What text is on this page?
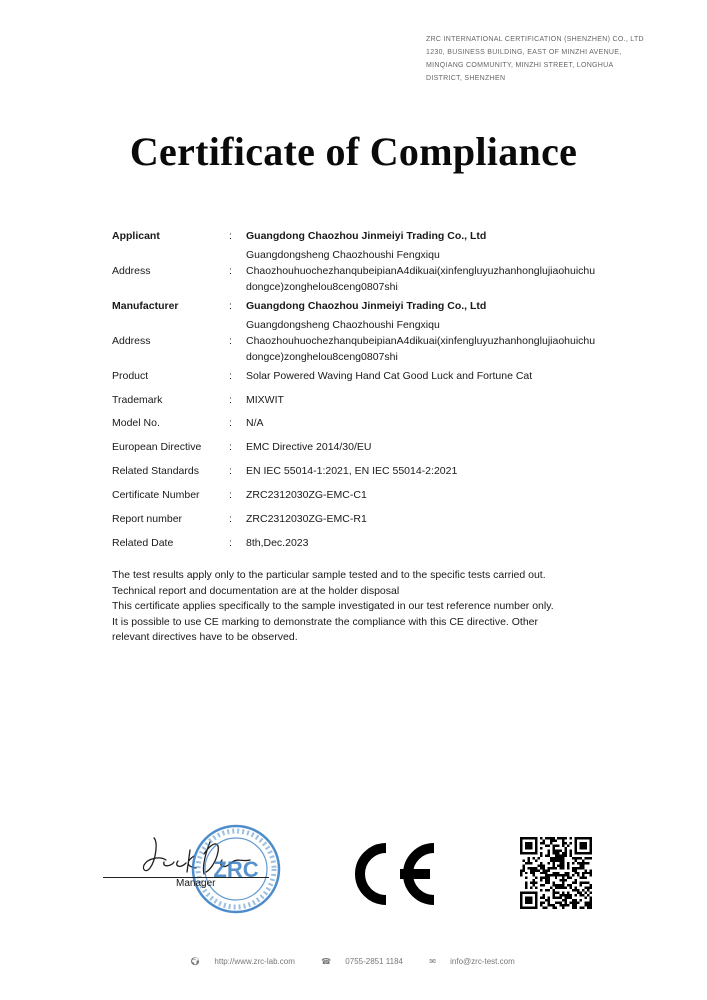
ZRC INTERNATIONAL CERTIFICATION (SHENZHEN) CO., LTD
1230, BUSINESS BUILDING, EAST OF MINZHI AVENUE,
MINQIANG COMMUNITY, MINZHI STREET, LONGHUA
DISTRICT, SHENZHEN
Certificate of Compliance
Applicant	: Guangdong Chaozhou Jinmeiyi Trading Co., Ltd
Address	:
Guangdongsheng Chaozhoushi Fengxiqu
ChaozhouhuochezhanqubeipianA4dikuai(xinfengluyuzhanhonglujiaohuichu
dongce)zonghelou8ceng0807shi
Manufacturer	: Guangdong Chaozhou Jinmeiyi Trading Co., Ltd
Address	:
Guangdongsheng Chaozhoushi Fengxiqu
ChaozhouhuochezhanqubeipianA4dikuai(xinfengluyuzhanhonglujiaohuichu
dongce)zonghelou8ceng0807shi
Product	: Solar Powered Waving Hand Cat Good Luck and Fortune Cat
Trademark	: MIXWIT
Model No.	: N/A
European Directive	: EMC Directive 2014/30/EU
Related Standards	: EN IEC 55014-1:2021, EN IEC 55014-2:2021
Certificate Number	: ZRC2312030ZG-EMC-C1
Report number	: ZRC2312030ZG-EMC-R1
Related Date	: 8th,Dec.2023
The test results apply only to the particular sample tested and to the specific tests carried out.
Technical report and documentation are at the holder disposal
This certificate applies specifically to the sample investigated in our test reference number only.
It is possible to use CE marking to demonstrate the compliance with this CE directive. Other
relevant directives have to be observed.
ZRC
Manager
🌍︎ http://www.zrc-lab.com	☎ 0755-2851 1184	✉ info@zrc-test.com
